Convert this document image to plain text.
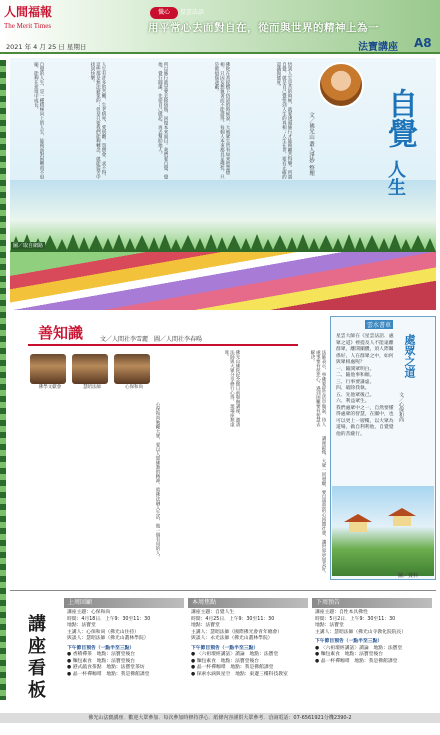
人間福報
The Merit Times
懺心	星雲法語
用平常心去面對自在，從而與世界的精神上為一
2021 年 4 月 25 日 星期日	法寶講座 A8
圖／取自網路
自覺
人生
文／佛光山 叢人淨妙 整理
悟到人生是苦的時候，就要透過修行才能夠離苦得樂。所謂自覺，就是自己覺悟到人生的真相；人生在世，要有正確的認識與態度。
佛陀在菩提樹下悟道的時候說：大地眾生皆有如來智慧德相，只因妄想執著而不能證得。每個人本來都具足佛性，只是被煩惱遮蔽。
所以修行就是要去除煩惱，回復本來面目。我們要自覺、覺他、覺行圓滿，先從自己做起，再去幫助他人。
人生有許多的苦難，生老病死、愛別離、怨憎會、求不得，這些都是無法避免的；但是只要我們能夠轉念，就能從苦中找到快樂。
自覺的人生，是一種積極向上的人生，能夠面對困難而不退縮，能夠在逆境中成長。
善知識	文／人間社李雪麗　圖／人間社李春暘
佛學文獻會	慧昭法師	心保和尚	佛光山佛陀紀念館日前舉辦講座，邀請法師與大眾分享修行心得，現場座無虛席。	法師表示，學佛要從生活中做起，待人處事要有慈悲心，遇到困難要有智慧去解決。
心保和尚勉勵大眾，要以人間佛教的精神，將佛法融入生活，做一個有用的人。	講座最後，大眾一同發願，要以感恩的心回饋社會，讓世界更加美好。
雲水書車
處眾之道
文／心保和尚
星雲大師在《星雲法語．處眾之道》裡提及人不能遠離群眾，離開團體，須人際關係好，人在群眾之中，如何與眾相處呢？
一、隨開眾明白。
二、隨他事和順。
三、行事要謙虛。
四、破除我執。
五、先他眾後己。
六、利益眾生。
我們處眾中之一，自然要懂得處眾的智慧，在團中，也可以更上一層樓，以大眾為道場，做自利利他，自覺覺他的菩薩行。
圖／資料
講座看板
上周回顧
講座主題：心保和尚
時間：4月18日．上午9：30至11：30
地點：法寶堂
主講人：心保和尚（佛光山住持）
與談人：慧昭法師（佛光山叢林學院）
下午節目預告（一點半至三點）
● 香積禪茶　地點：法寶堂後台
● 麵包素食　地點：法寶堂後台
● 港式蔬食茶點　地點：法寶堂茶坊
● 晶一杯禪咖啡　地點：我是佛館課堂
本周焦點
講座主題：自覺人生
時間：4月25日．上午9：30至11：30
地點：法寶堂
主講人：慧昭法師（國際佛光會青年總會）
與談人：永光法師（佛光山叢林學院）
下午節目預告（一點半至三點）
● 〈六祖壇經講話〉讀論　地點：法寶堂
● 麵包素食　地點：法寶堂後台
● 晶一杯禪咖啡　地點：我是佛館課堂
● 探索水滴與星空　地點：東邊三樓科技教室
下周預告
講座主題：自性本具佛性
時間：5月2日．上午9：30至11：30
地點：法寶堂
主講人：慧昭法師（佛光山寺教化院院長）
下午節目預告（一點半至三點）
● 〈六祖壇經講話〉讀論　地點：法寶堂
● 麵包素食　地點：法寶堂後台
● 晶一杯禪咖啡　地點：我是佛館課堂
佛光山法寶講座．歡迎大眾參加．每次參加時修持淨心．紙條內容謹供大眾參考．洽詢電話：07-6561921分機2390-2
